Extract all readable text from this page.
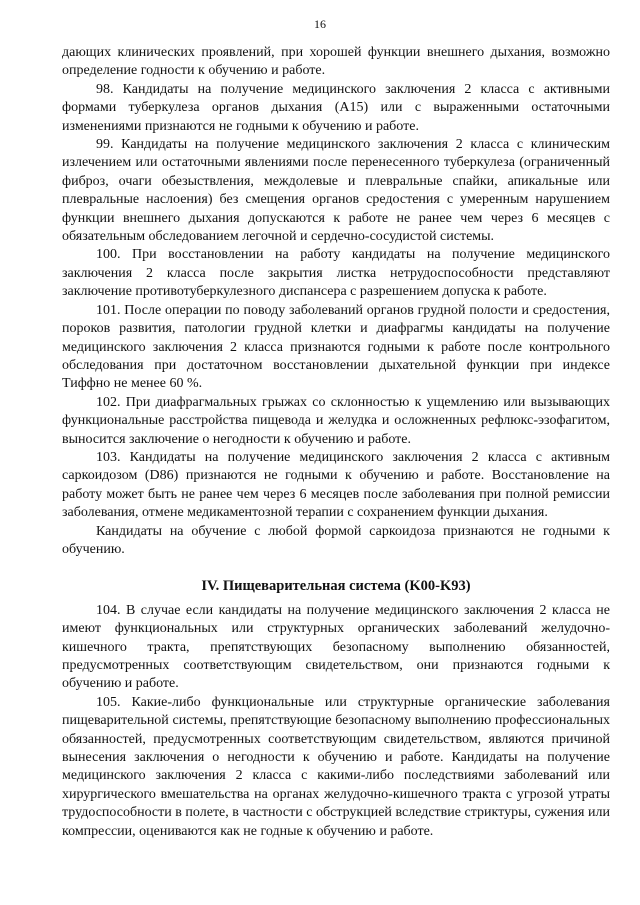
16

дающих клинических проявлений, при хорошей функции внешнего дыхания, возможно определение годности к обучению и работе.

98. Кандидаты на получение медицинского заключения 2 класса с активными формами туберкулеза органов дыхания (A15) или с выраженными остаточными изменениями признаются не годными к обучению и работе.

99. Кандидаты на получение медицинского заключения 2 класса с клиническим излечением или остаточными явлениями после перенесенного туберкулеза (ограниченный фиброз, очаги обезыствления, междолевые и плевральные спайки, апикальные или плевральные наслоения) без смещения органов средостения с умеренным нарушением функции внешнего дыхания допускаются к работе не ранее чем через 6 месяцев с обязательным обследованием легочной и сердечно-сосудистой системы.

100. При восстановлении на работу кандидаты на получение медицинского заключения 2 класса после закрытия листка нетрудоспособности представляют заключение противотуберкулезного диспансера с разрешением допуска к работе.

101. После операции по поводу заболеваний органов грудной полости и средостения, пороков развития, патологии грудной клетки и диафрагмы кандидаты на получение медицинского заключения 2 класса признаются годными к работе после контрольного обследования при достаточном восстановлении дыхательной функции при индексе Тиффно не менее 60 %.

102. При диафрагмальных грыжах со склонностью к ущемлению или вызывающих функциональные расстройства пищевода и желудка и осложненных рефлюкс-эзофагитом, выносится заключение о негодности к обучению и работе.

103. Кандидаты на получение медицинского заключения 2 класса с активным саркоидозом (D86) признаются не годными к обучению и работе. Восстановление на работу может быть не ранее чем через 6 месяцев после заболевания при полной ремиссии заболевания, отмене медикаментозной терапии с сохранением функции дыхания.

Кандидаты на обучение с любой формой саркоидоза признаются не годными к обучению.

IV. Пищеварительная система (K00-K93)

104. В случае если кандидаты на получение медицинского заключения 2 класса не имеют функциональных или структурных органических заболеваний желудочно-кишечного тракта, препятствующих безопасному выполнению обязанностей, предусмотренных соответствующим свидетельством, они признаются годными к обучению и работе.

105. Какие-либо функциональные или структурные органические заболевания пищеварительной системы, препятствующие безопасному выполнению профессиональных обязанностей, предусмотренных соответствующим свидетельством, являются причиной вынесения заключения о негодности к обучению и работе. Кандидаты на получение медицинского заключения 2 класса с какими-либо последствиями заболеваний или хирургического вмешательства на органах желудочно-кишечного тракта с угрозой утраты трудоспособности в полете, в частности с обструкцией вследствие стриктуры, сужения или компрессии, оцениваются как не годные к обучению и работе.
